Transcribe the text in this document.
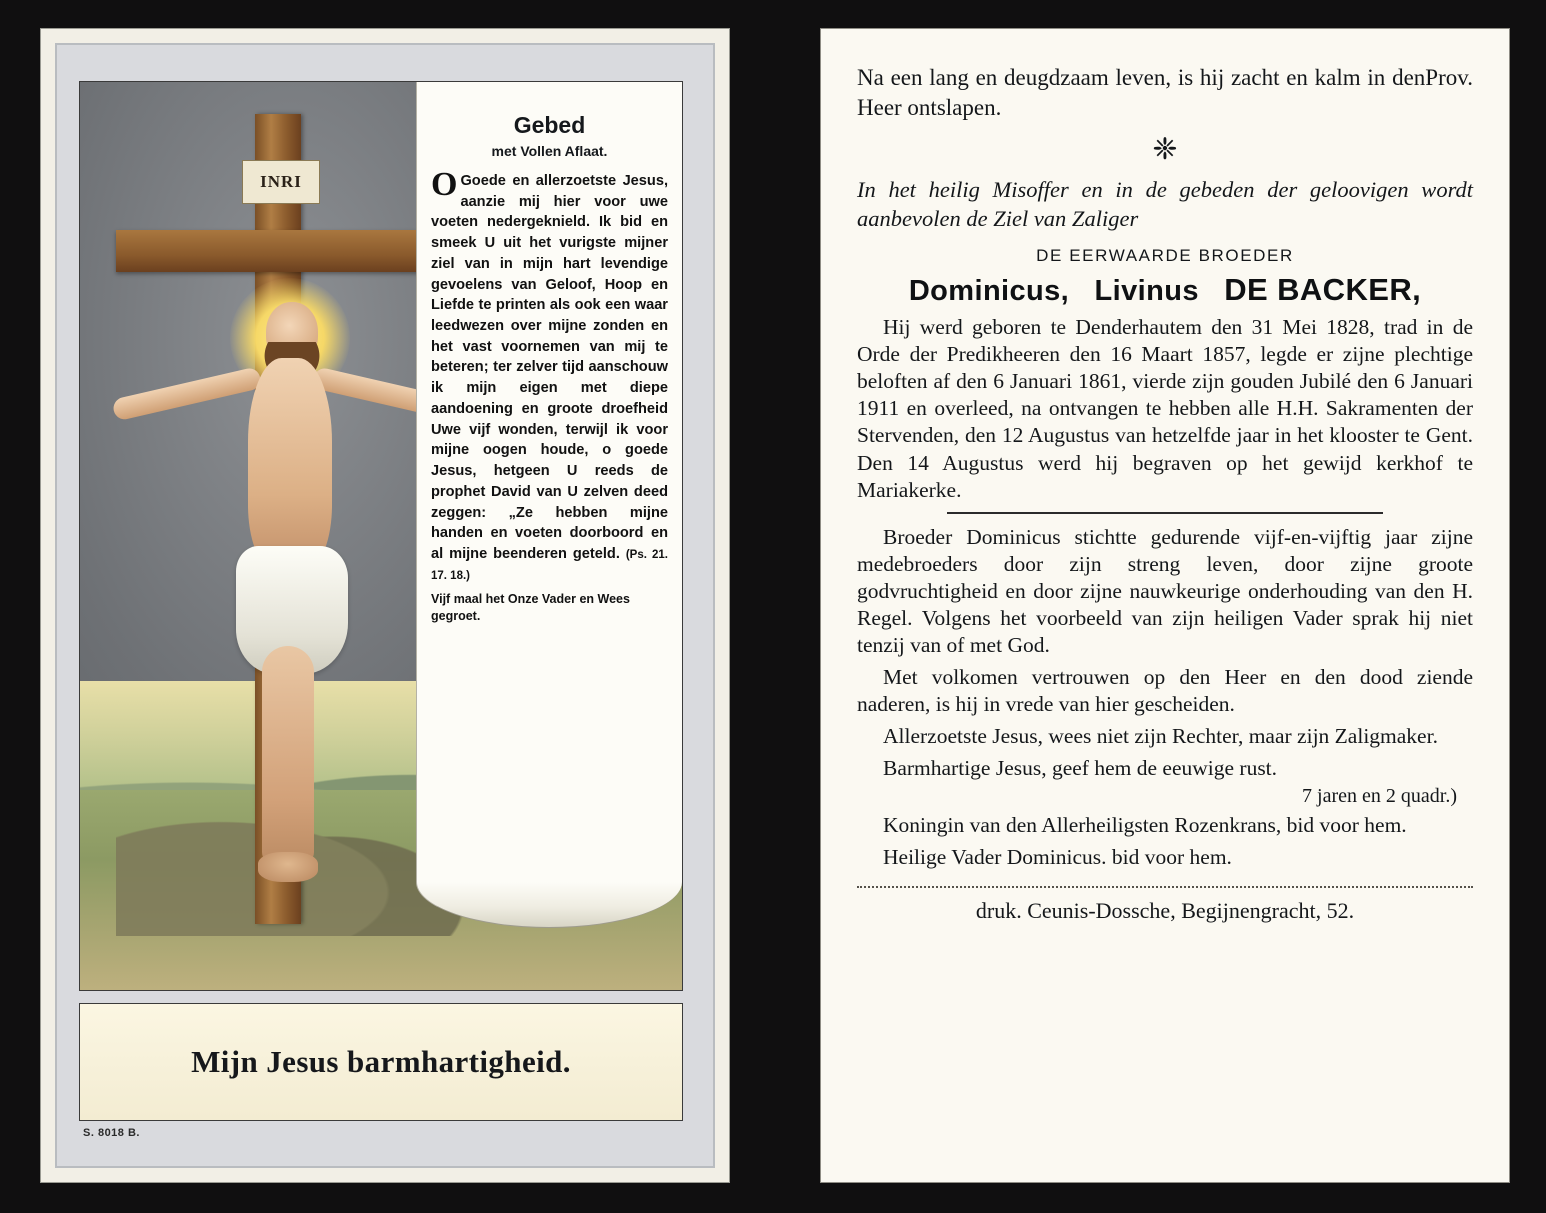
INRI
Gebed
met Vollen Aflaat.
O Goede en allerzoetste Jesus, aanzie mij hier voor uwe voeten nedergeknield. Ik bid en smeek U uit het vurigste mijner ziel van in mijn hart levendige gevoelens van Geloof, Hoop en Liefde te printen als ook een waar leedwezen over mijne zonden en het vast voornemen van mij te beteren; ter zelver tijd aanschouw ik mijn eigen met diepe aandoening en groote droefheid Uwe vijf wonden, terwijl ik voor mijne oogen houde, o goede Jesus, hetgeen U reeds de prophet David van U zelven deed zeggen: „Ze hebben mijne handen en voeten doorboord en al mijne beenderen geteld. (Ps. 21. 17. 18.)
Vijf maal het Onze Vader en Wees gegroet.
Mijn Jesus barmhartigheid.
S. 8018 B.
Prov.
Na een lang en deugdzaam leven, is hij zacht en kalm in den Heer ontslapen.
❈
In het heilig Misoffer en in de gebeden der geloovigen wordt aanbevolen de Ziel van Zaliger
DE EERWAARDE BROEDER
Dominicus, Livinus DE BACKER,
Hij werd geboren te Denderhautem den 31 Mei 1828, trad in de Orde der Predikheeren den 16 Maart 1857, legde er zijne plechtige beloften af den 6 Januari 1861, vierde zijn gouden Jubilé den 6 Januari 1911 en overleed, na ontvangen te hebben alle H.H. Sakramenten der Stervenden, den 12 Augustus van hetzelfde jaar in het klooster te Gent. Den 14 Augustus werd hij begraven op het gewijd kerkhof te Mariakerke.
Broeder Dominicus stichtte gedurende vijf-en-vijftig jaar zijne medebroeders door zijn streng leven, door zijne groote godvruchtigheid en door zijne nauwkeurige onderhouding van den H. Regel. Volgens het voorbeeld van zijn heiligen Vader sprak hij niet tenzij van of met God.
Met volkomen vertrouwen op den Heer en den dood ziende naderen, is hij in vrede van hier gescheiden.
Allerzoetste Jesus, wees niet zijn Rechter, maar zijn Zaligmaker.
Barmhartige Jesus, geef hem de eeuwige rust.
7 jaren en 2 quadr.)
Koningin van den Allerheiligsten Rozenkrans, bid voor hem.
Heilige Vader Dominicus. bid voor hem.
druk. Ceunis-Dossche, Begijnengracht, 52.
